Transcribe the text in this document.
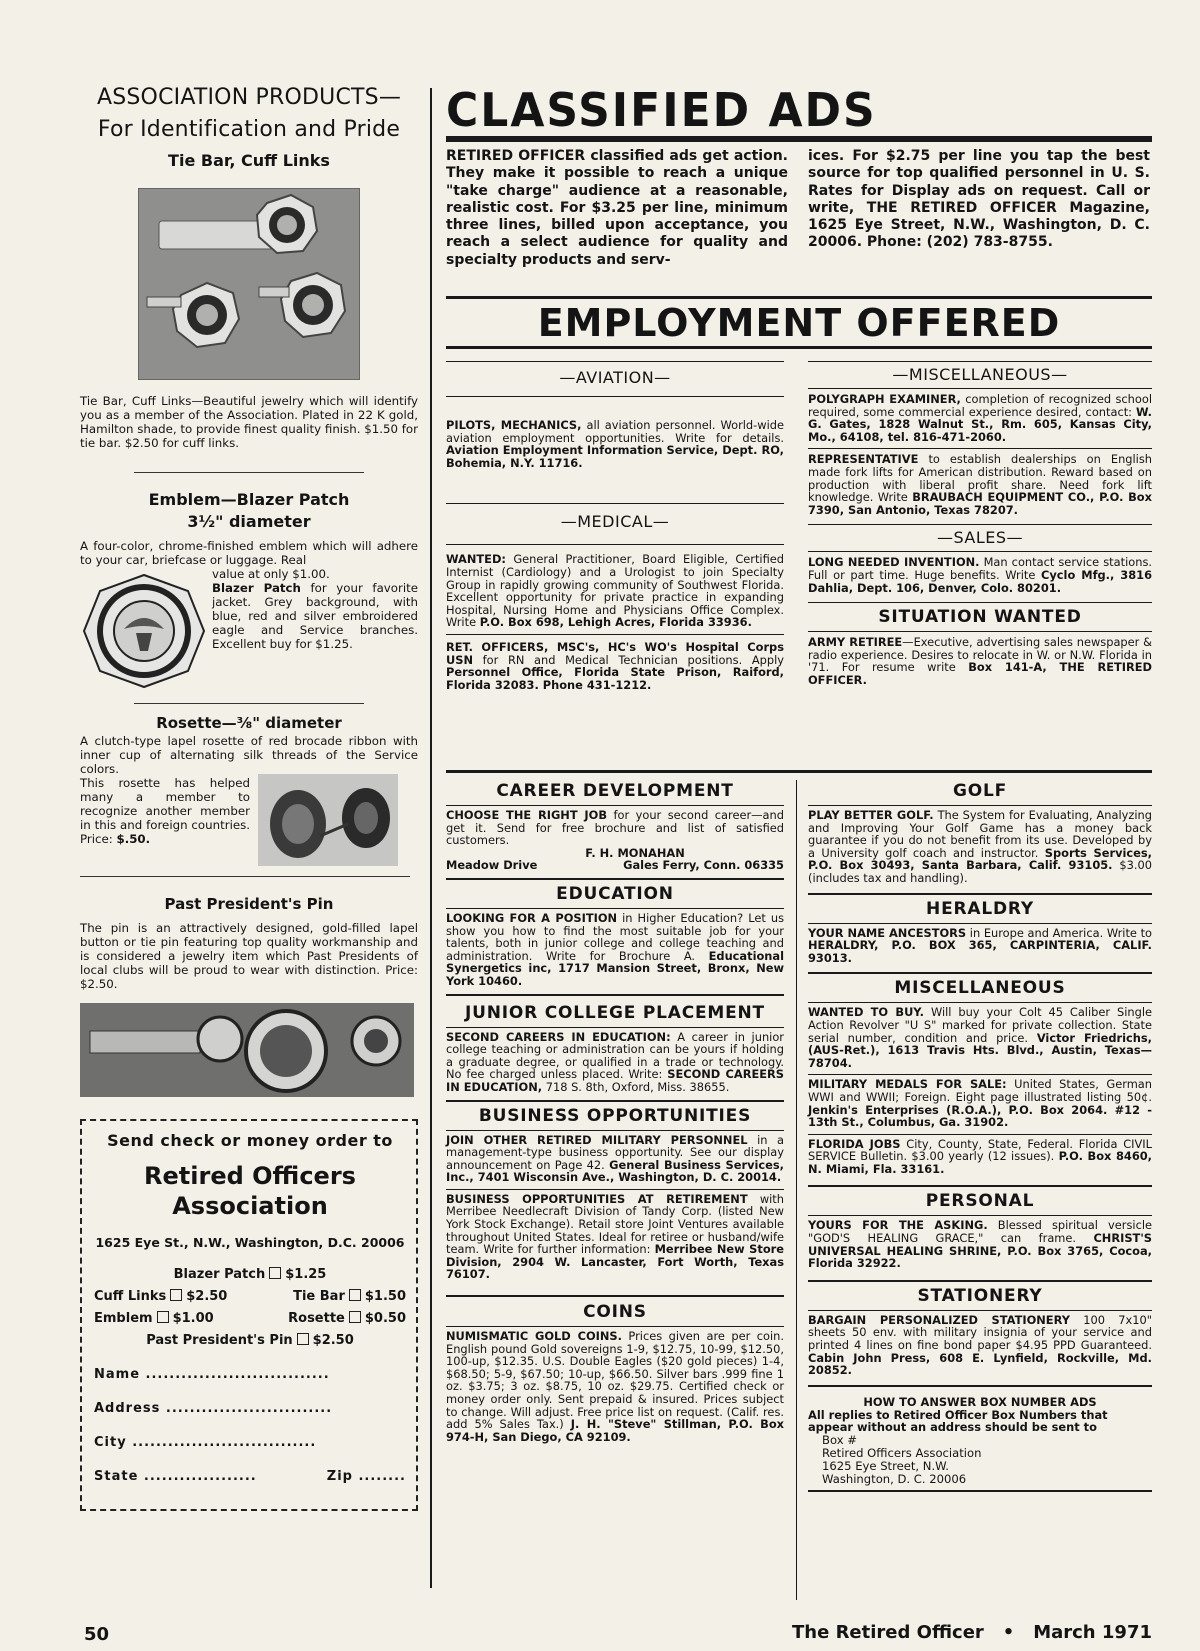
ASSOCIATION PRODUCTS—
For Identification and Pride
Tie Bar, Cuff Links

Tie Bar, Cuff Links—Beautiful jewelry which will identify you as a member of the Association. Plated in 22 K gold, Hamilton shade, to provide finest quality finish. $1.50 for tie bar. $2.50 for cuff links.

Emblem—Blazer Patch
3½" diameter

A four-color, chrome-finished emblem which will adhere to your car, briefcase or luggage. Real

value at only $1.00.
Blazer Patch for your favorite jacket. Grey background, with blue, red and silver embroidered eagle and Service branches. Excellent buy for $1.25.
Rosette—⅜" diameter

A clutch-type lapel rosette of red brocade ribbon with inner cup of alternating silk threads of the Service colors.

This rosette has helped many a member to recognize another member in this and foreign countries. Price: $.50.
Past President's Pin

The pin is an attractively designed, gold-filled lapel button or tie pin featuring top quality workmanship and is considered a jewelry item which Past Presidents of local clubs will be proud to wear with distinction. Price: $2.50.

Send check or money order to
Retired Officers
Association
1625 Eye St., N.W., Washington, D.C. 20006
Blazer Patch $1.25
Cuff Links $2.50	Tie Bar $1.50
Emblem $1.00	Rosette $0.50
Past President's Pin $2.50
Name ...............................
Address ............................
City ...............................
State ...................	Zip ........
CLASSIFIED ADS
RETIRED OFFICER classified ads get action. They make it possible to reach a unique "take charge" audience at a reasonable, realistic cost. For $3.25 per line, minimum three lines, billed upon acceptance, you reach a select audience for quality and specialty products and serv-
ices. For $2.75 per line you tap the best source for top qualified personnel in U. S. Rates for Display ads on request. Call or write, THE RETIRED OFFICER Magazine, 1625 Eye Street, N.W., Washington, D. C. 20006. Phone: (202) 783-8755.
EMPLOYMENT OFFERED
—AVIATION—

PILOTS, MECHANICS, all aviation personnel. World-wide aviation employment opportunities. Write for details. Aviation Employment Information Service, Dept. RO, Bohemia, N.Y. 11716.

—MEDICAL—

WANTED: General Practitioner, Board Eligible, Certified Internist (Cardiology) and a Urologist to join Specialty Group in rapidly growing community of Southwest Florida. Excellent opportunity for private practice in expanding Hospital, Nursing Home and Physicians Office Complex. Write P.O. Box 698, Lehigh Acres, Florida 33936.

RET. OFFICERS, MSC's, HC's WO's Hospital Corps USN for RN and Medical Technician positions. Apply Personnel Office, Florida State Prison, Raiford, Florida 32083. Phone 431-1212.

—MISCELLANEOUS—

POLYGRAPH EXAMINER, completion of recognized school required, some commercial experience desired, contact: W. G. Gates, 1828 Walnut St., Rm. 605, Kansas City, Mo., 64108, tel. 816-471-2060.

REPRESENTATIVE to establish dealerships on English made fork lifts for American distribution. Reward based on production with liberal profit share. Need fork lift knowledge. Write BRAUBACH EQUIPMENT CO., P.O. Box 7390, San Antonio, Texas 78207.

—SALES—

LONG NEEDED INVENTION. Man contact service stations. Full or part time. Huge benefits. Write Cyclo Mfg., 3816 Dahlia, Dept. 106, Denver, Colo. 80201.

SITUATION WANTED

ARMY RETIREE—Executive, advertising sales newspaper & radio experience. Desires to relocate in W. or N.W. Florida in '71. For resume write Box 141-A, THE RETIRED OFFICER.

CAREER DEVELOPMENT

CHOOSE THE RIGHT JOB for your second career—and get it. Send for free brochure and list of satisfied customers.

F. H. MONAHAN
Meadow Drive	Gales Ferry, Conn. 06335
EDUCATION

LOOKING FOR A POSITION in Higher Education? Let us show you how to find the most suitable job for your talents, both in junior college and college teaching and administration. Write for Brochure A. Educational Synergetics inc, 1717 Mansion Street, Bronx, New York 10460.

JUNIOR COLLEGE PLACEMENT

SECOND CAREERS IN EDUCATION: A career in junior college teaching or administration can be yours if holding a graduate degree, or qualified in a trade or technology. No fee charged unless placed. Write: SECOND CAREERS IN EDUCATION, 718 S. 8th, Oxford, Miss. 38655.

BUSINESS OPPORTUNITIES

JOIN OTHER RETIRED MILITARY PERSONNEL in a management-type business opportunity. See our display announcement on Page 42. General Business Services, Inc., 7401 Wisconsin Ave., Washington, D. C. 20014.

BUSINESS OPPORTUNITIES AT RETIREMENT with Merribee Needlecraft Division of Tandy Corp. (listed New York Stock Exchange). Retail store Joint Ventures available throughout United States. Ideal for retiree or husband/wife team. Write for further information: Merribee New Store Division, 2904 W. Lancaster, Fort Worth, Texas 76107.

COINS

NUMISMATIC GOLD COINS. Prices given are per coin. English pound Gold sovereigns 1-9, $12.75, 10-99, $12.50, 100-up, $12.35. U.S. Double Eagles ($20 gold pieces) 1-4, $68.50; 5-9, $67.50; 10-up, $66.50. Silver bars .999 fine 1 oz. $3.75; 3 oz. $8.75, 10 oz. $29.75. Certified check or money order only. Sent prepaid & insured. Prices subject to change. Will adjust. Free price list on request. (Calif. res. add 5% Sales Tax.) J. H. "Steve" Stillman, P.O. Box 974-H, San Diego, CA 92109.

GOLF

PLAY BETTER GOLF. The System for Evaluating, Analyzing and Improving Your Golf Game has a money back guarantee if you do not benefit from its use. Developed by a University golf coach and instructor. Sports Services, P.O. Box 30493, Santa Barbara, Calif. 93105. $3.00 (includes tax and handling).

HERALDRY

YOUR NAME ANCESTORS in Europe and America. Write to HERALDRY, P.O. BOX 365, CARPINTERIA, CALIF. 93013.

MISCELLANEOUS

WANTED TO BUY. Will buy your Colt 45 Caliber Single Action Revolver "U S" marked for private collection. State serial number, condition and price. Victor Friedrichs, (AUS-Ret.), 1613 Travis Hts. Blvd., Austin, Texas—78704.

MILITARY MEDALS FOR SALE: United States, German WWI and WWII; Foreign. Eight page illustrated listing 50¢. Jenkin's Enterprises (R.O.A.), P.O. Box 2064. #12 - 13th St., Columbus, Ga. 31902.

FLORIDA JOBS City, County, State, Federal. Florida CIVIL SERVICE Bulletin. $3.00 yearly (12 issues). P.O. Box 8460, N. Miami, Fla. 33161.

PERSONAL

YOURS FOR THE ASKING. Blessed spiritual versicle "GOD'S HEALING GRACE," can frame. CHRIST'S UNIVERSAL HEALING SHRINE, P.O. Box 3765, Cocoa, Florida 32922.

STATIONERY

BARGAIN PERSONALIZED STATIONERY 100 7x10" sheets 50 env. with military insignia of your service and printed 4 lines on fine bond paper $4.95 PPD Guaranteed. Cabin John Press, 608 E. Lynfield, Rockville, Md. 20852.

HOW TO ANSWER BOX NUMBER ADS
All replies to Retired Officer Box Numbers that appear without an address should be sent to
Box #
Retired Officers Association
1625 Eye Street, N.W.
Washington, D. C. 20006
50	The Retired Officer • March 1971
